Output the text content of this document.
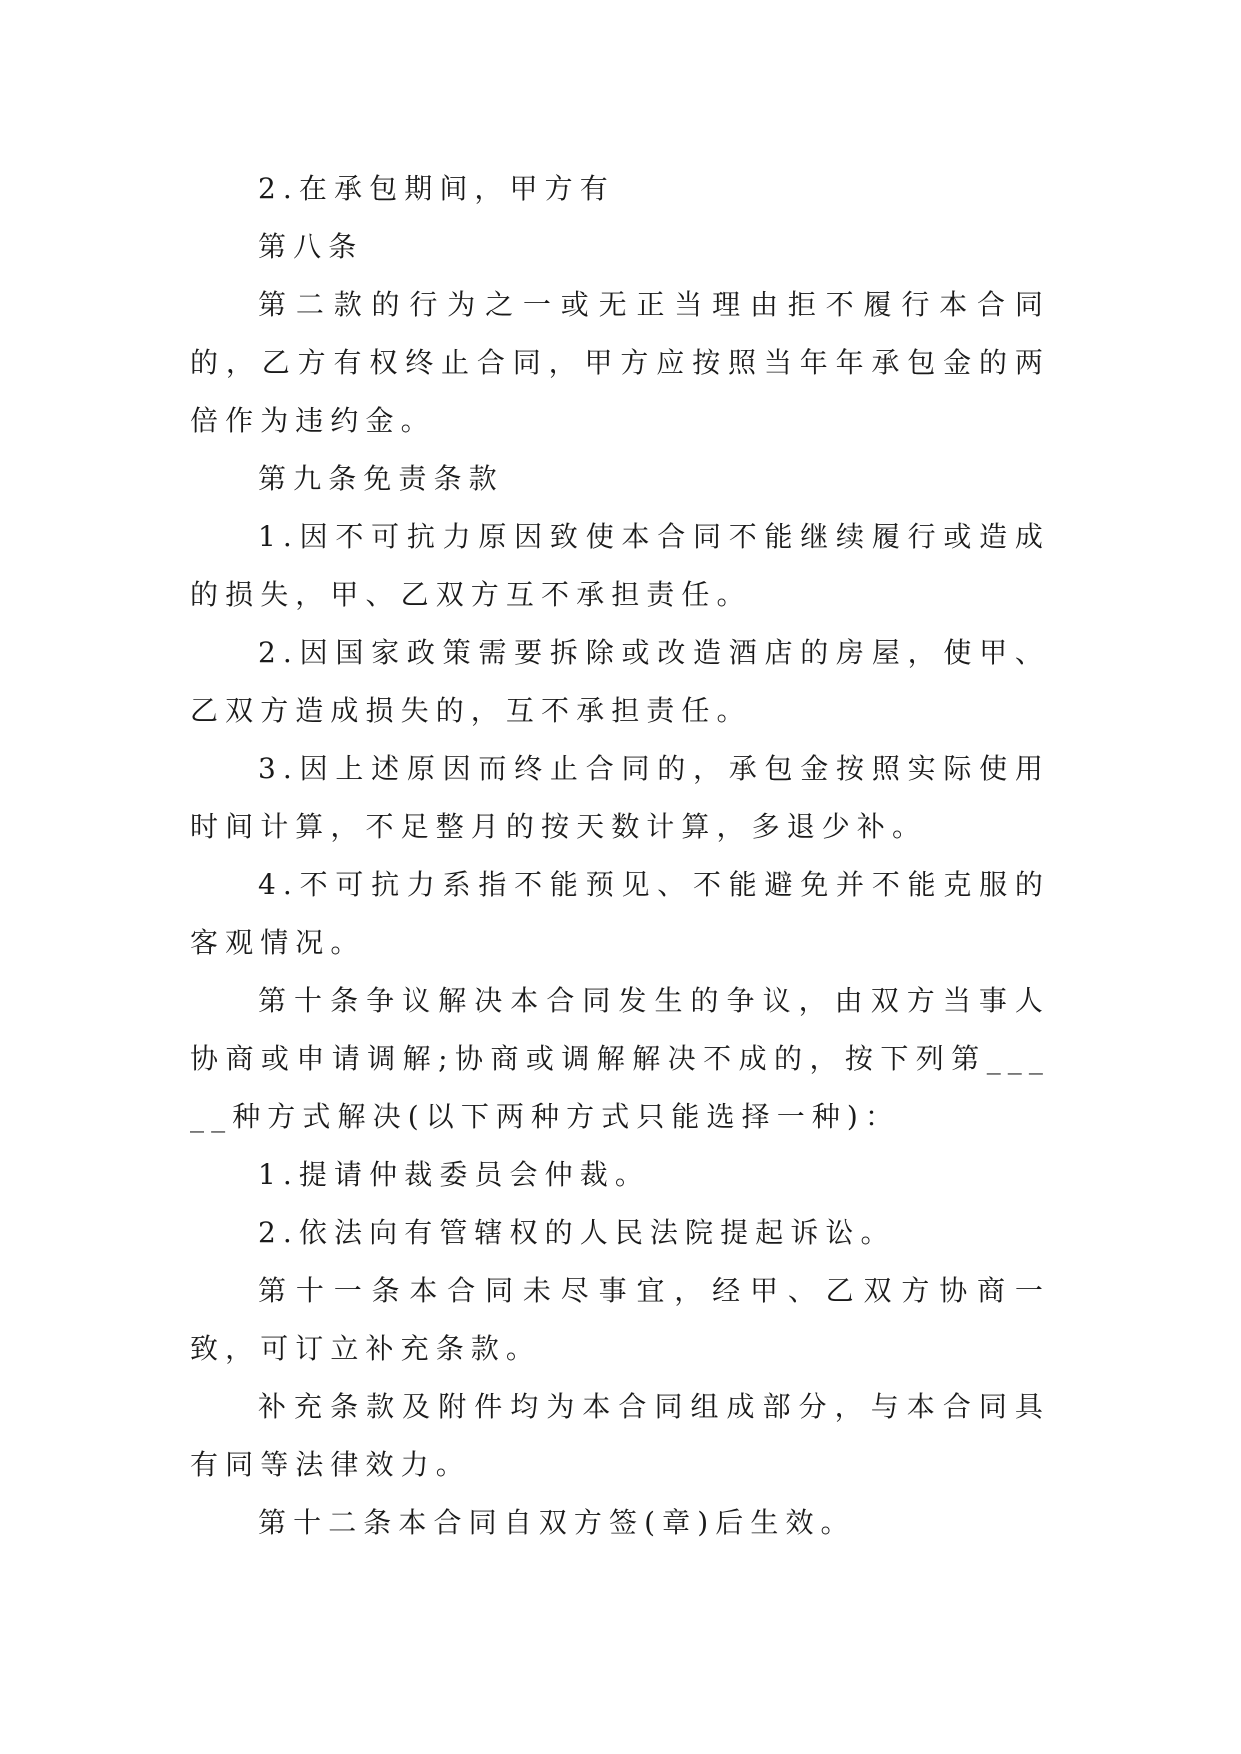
2.在承包期间，甲方有

第八条

第二款的行为之一或无正当理由拒不履行本合同的，乙方有权终止合同，甲方应按照当年年承包金的两倍作为违约金。

第九条免责条款

1.因不可抗力原因致使本合同不能继续履行或造成的损失，甲、乙双方互不承担责任。

2.因国家政策需要拆除或改造酒店的房屋，使甲、乙双方造成损失的，互不承担责任。

3.因上述原因而终止合同的，承包金按照实际使用时间计算，不足整月的按天数计算，多退少补。

4.不可抗力系指不能预见、不能避免并不能克服的客观情况。

第十条争议解决本合同发生的争议，由双方当事人协商或申请调解;协商或调解解决不成的，按下列第_____种方式解决(以下两种方式只能选择一种)：

1.提请仲裁委员会仲裁。

2.依法向有管辖权的人民法院提起诉讼。

第十一条本合同未尽事宜，经甲、乙双方协商一致，可订立补充条款。

补充条款及附件均为本合同组成部分，与本合同具有同等法律效力。

第十二条本合同自双方签(章)后生效。
